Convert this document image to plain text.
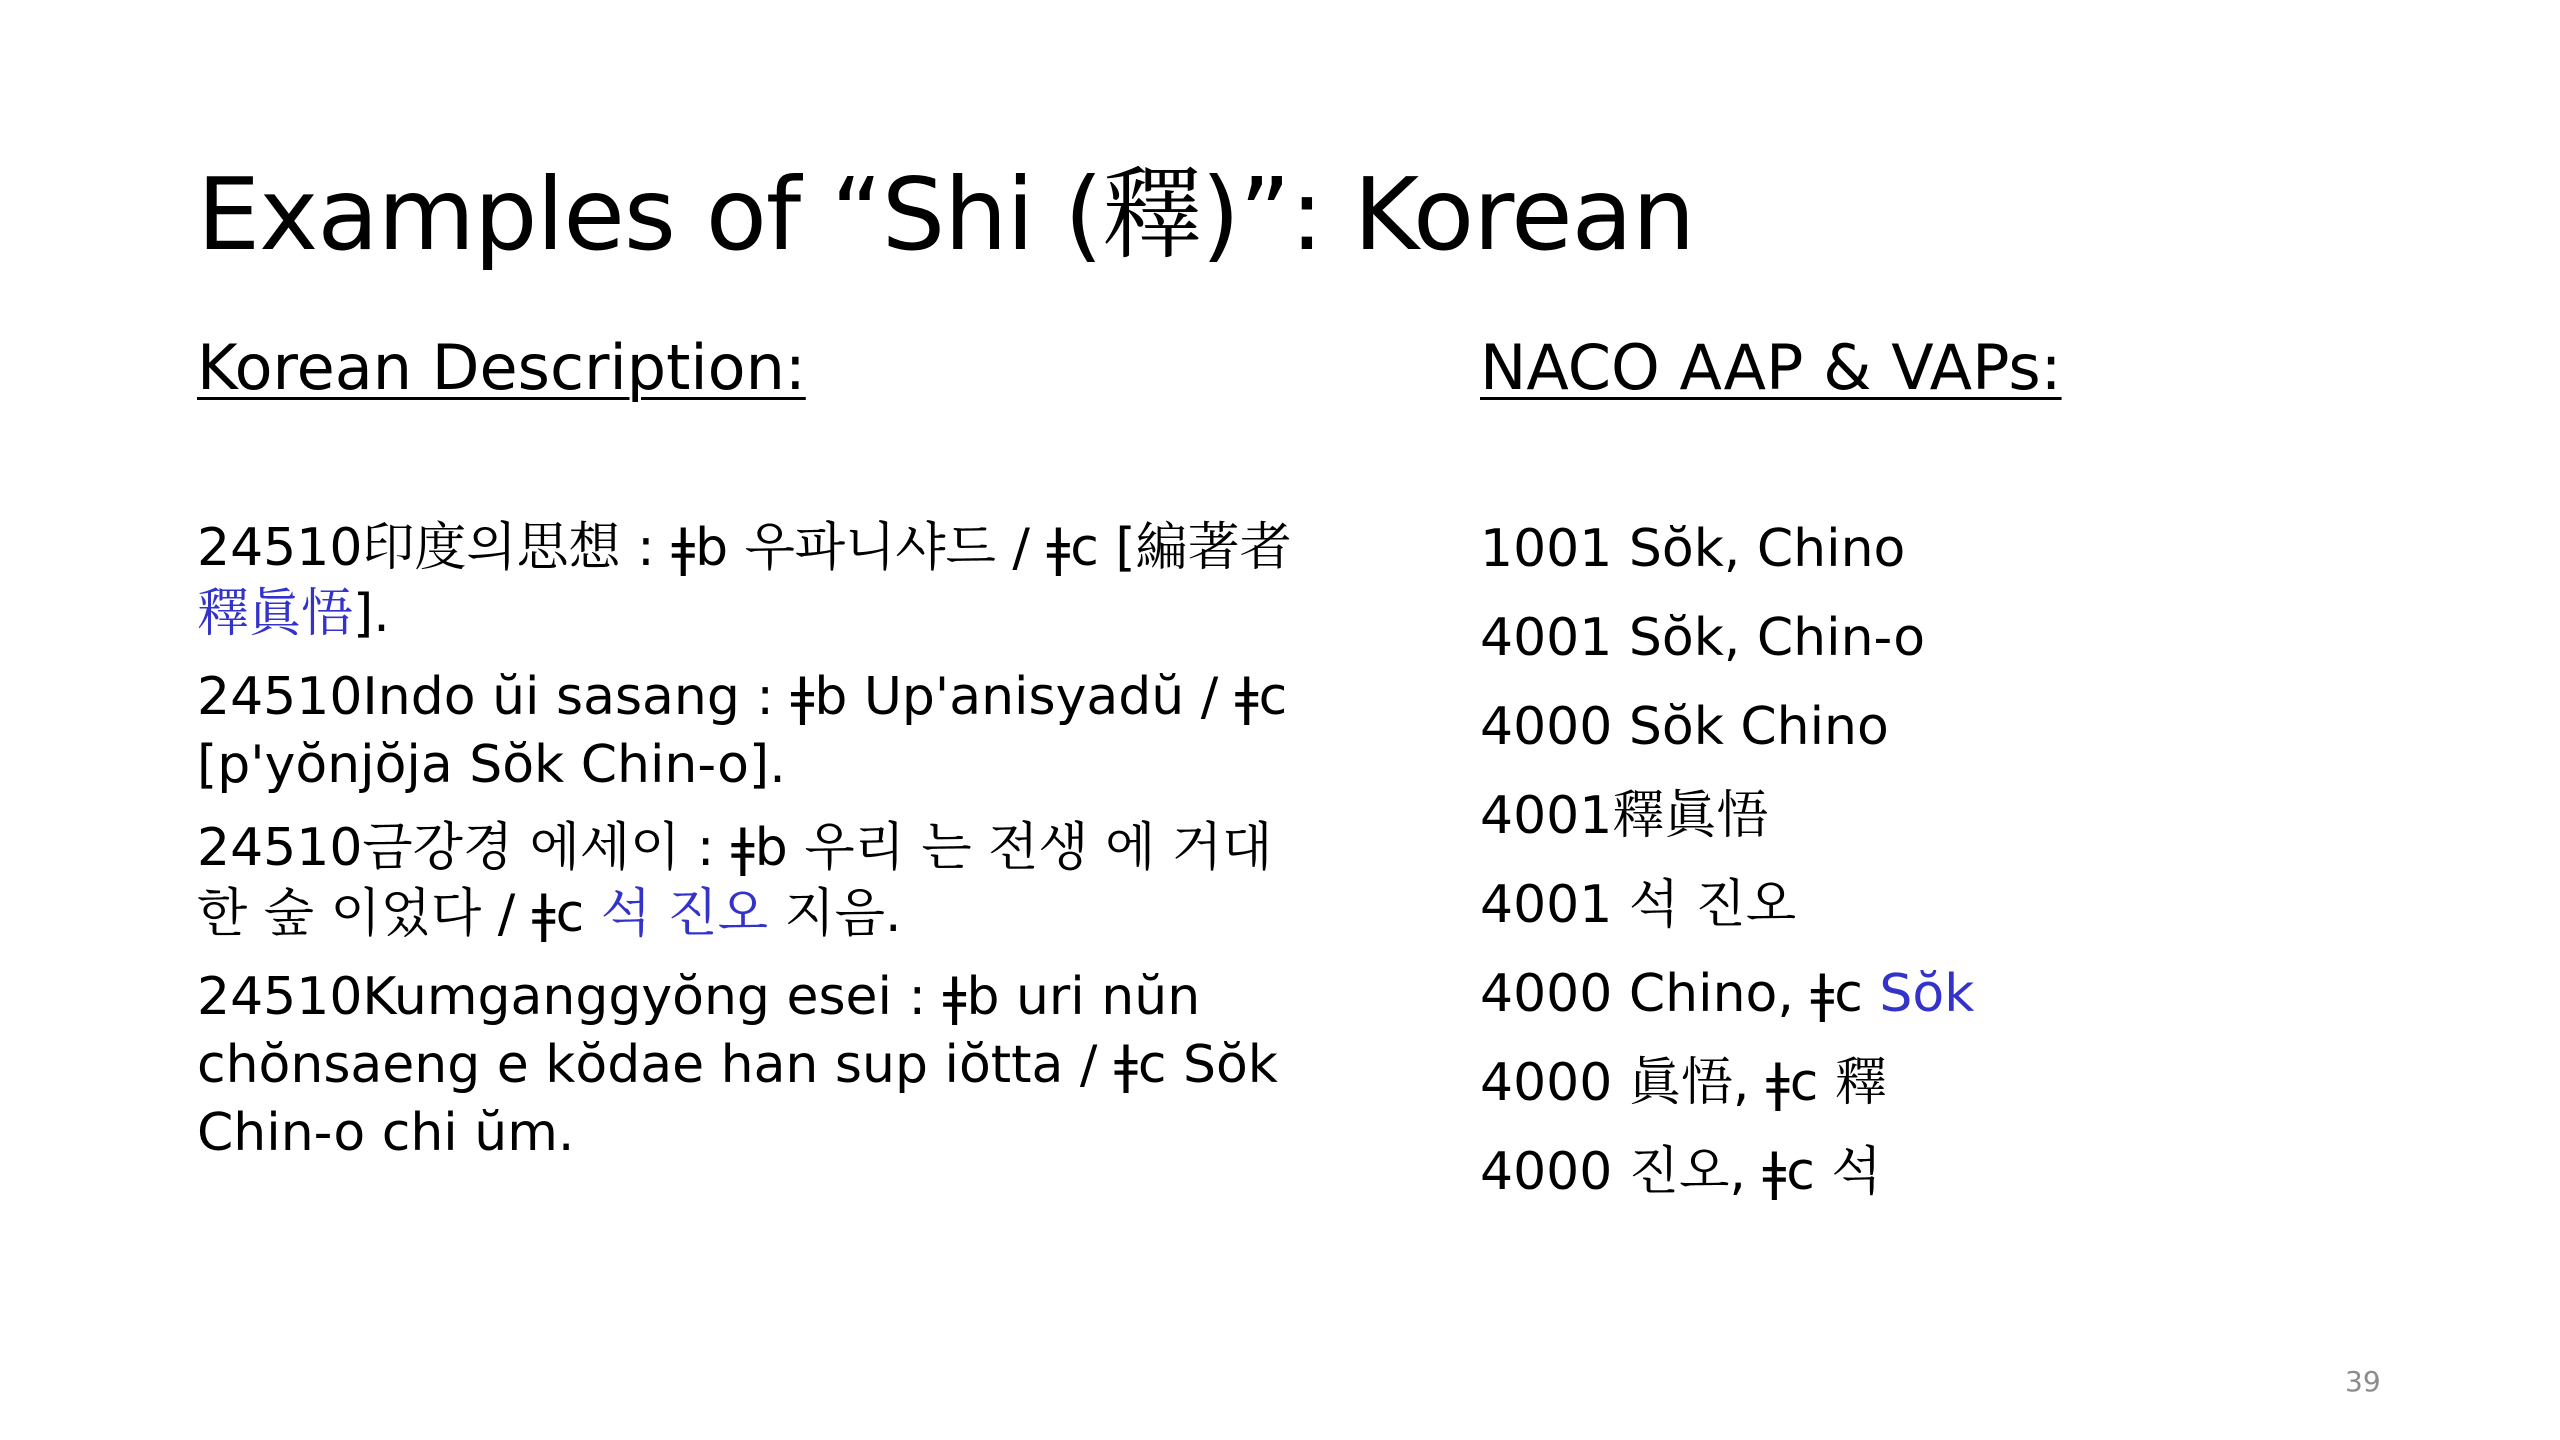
Examples of “Shi (釋)”: Korean
Korean Description:	NACO AAP & VAPs:
24510印度의思想 : ǂb 우파니샤드 / ǂc [編著者釋眞悟].
24510Indo ŭi sasang : ǂb Up'anisyadŭ / ǂc [p'yŏnjŏja Sŏk Chin-o].
24510금강경 에세이 : ǂb 우리 는 전생 에 거대 한 숲 이었다 / ǂc 석 진오 지음.
24510Kumganggyŏng esei : ǂb uri nŭn chŏnsaeng e kŏdae han sup iŏtta / ǂc Sŏk Chin-o chi ŭm.
1001 Sŏk, Chino
4001 Sŏk, Chin-o
4000 Sŏk Chino
4001釋眞悟
4001 석 진오
4000 Chino, ǂc Sŏk
4000 眞悟, ǂc 釋
4000 진오, ǂc 석
39
